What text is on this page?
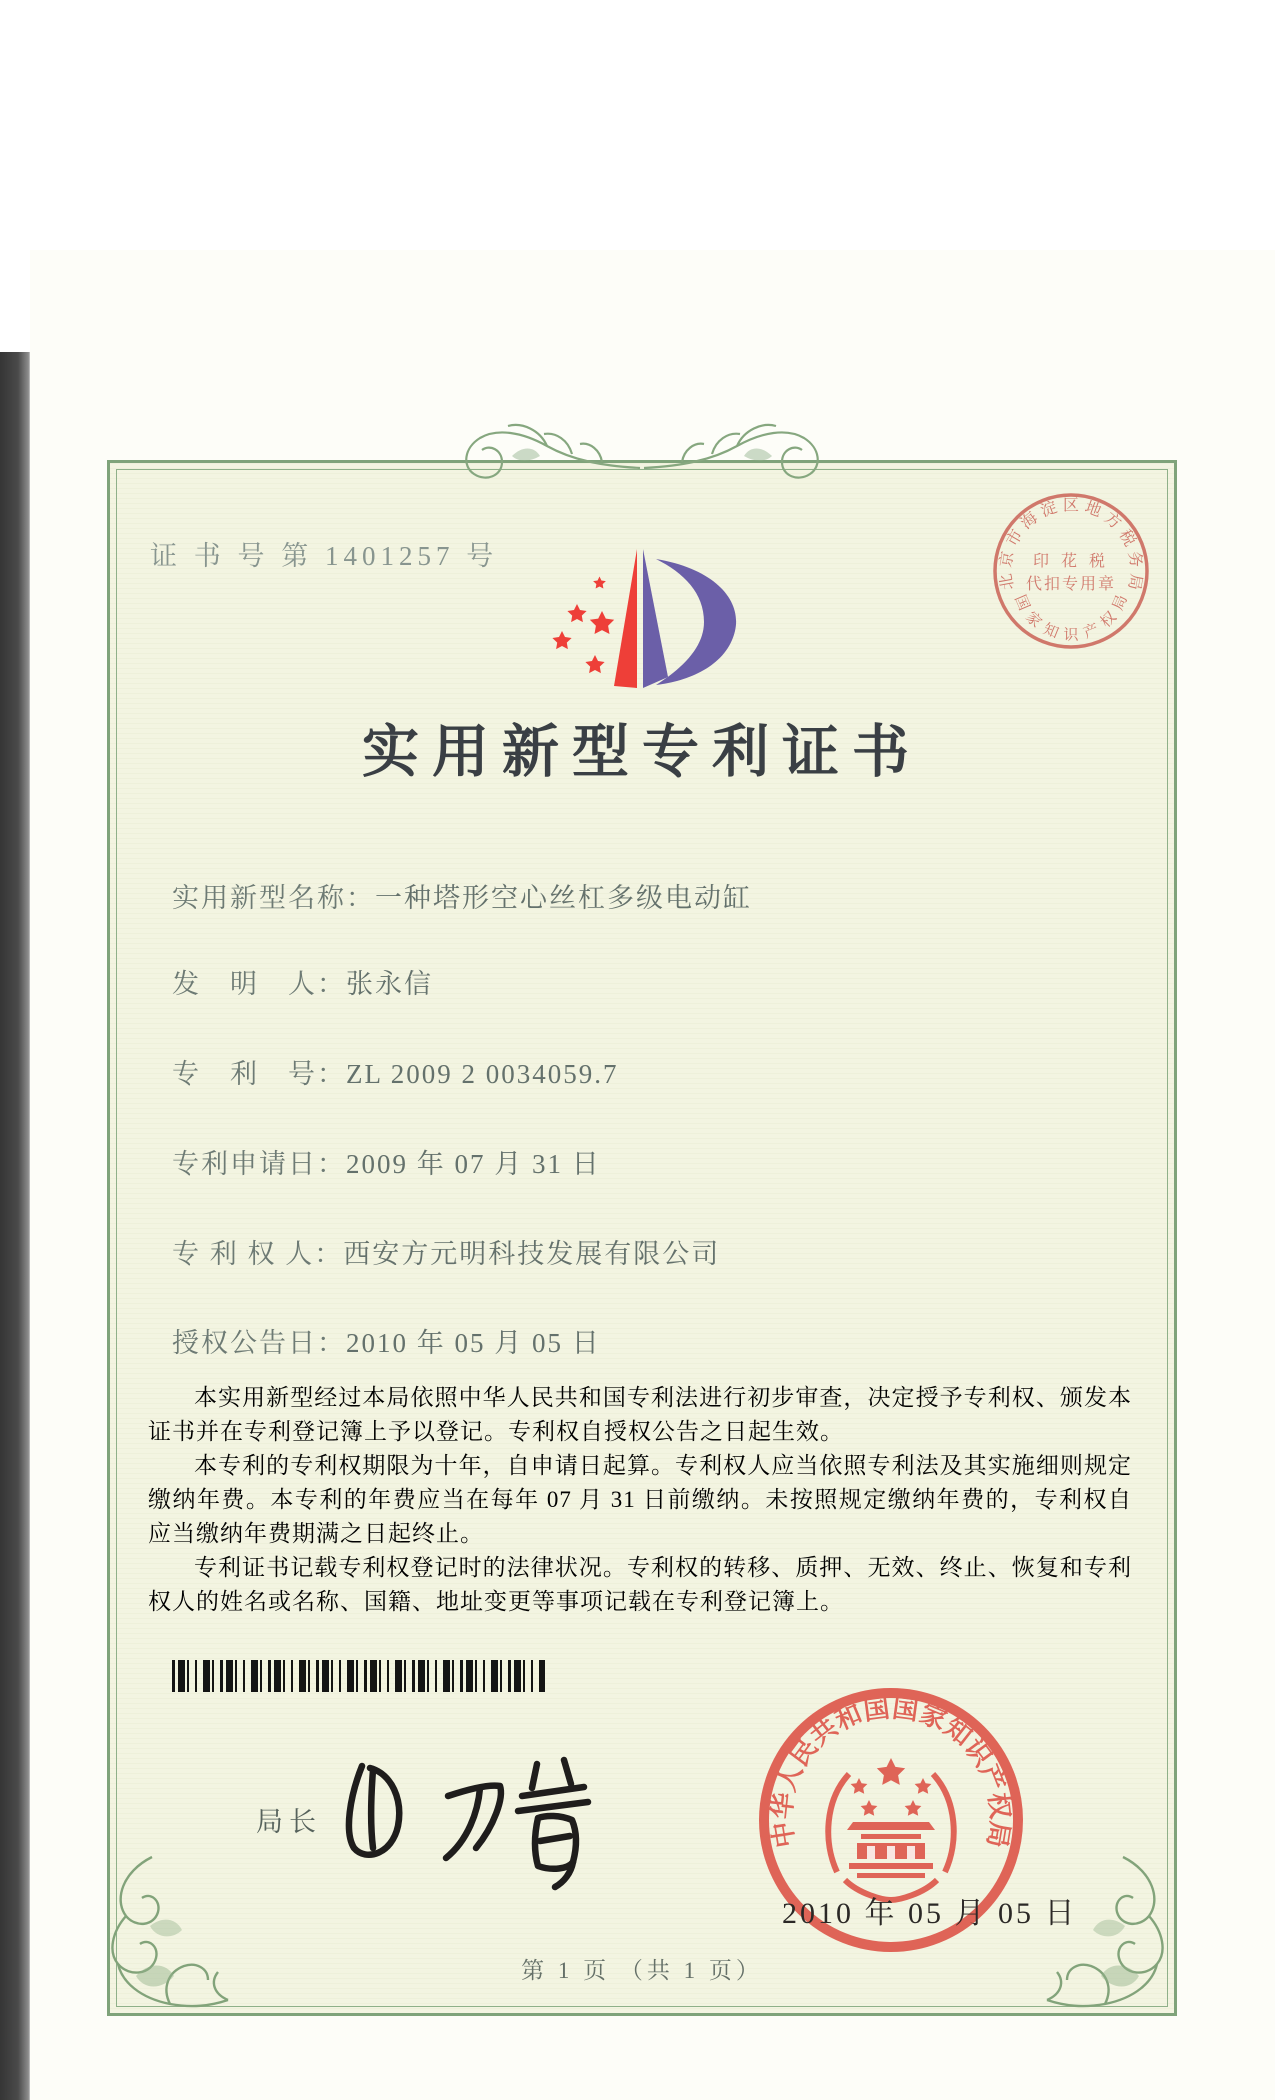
证 书 号 第 1401257 号
北京市海淀区地方税务局
国家知识产权局
印 花 税
代扣专用章
实用新型专利证书
实用新型名称：一种塔形空心丝杠多级电动缸
发　明　人：张永信
专　利　号：ZL 2009 2 0034059.7
专利申请日：2009 年 07 月 31 日
专 利 权 人：西安方元明科技发展有限公司
授权公告日：2010 年 05 月 05 日

本实用新型经过本局依照中华人民共和国专利法进行初步审查，决定授予专利权、颁发本证书并在专利登记簿上予以登记。专利权自授权公告之日起生效。

本专利的专利权期限为十年，自申请日起算。专利权人应当依照专利法及其实施细则规定缴纳年费。本专利的年费应当在每年 07 月 31 日前缴纳。未按照规定缴纳年费的，专利权自应当缴纳年费期满之日起终止。

专利证书记载专利权登记时的法律状况。专利权的转移、质押、无效、终止、恢复和专利权人的姓名或名称、国籍、地址变更等事项记载在专利登记簿上。

局长	中华人民共和国国家知识产权局
2010 年 05 月 05 日
第 1 页 （共 1 页）
